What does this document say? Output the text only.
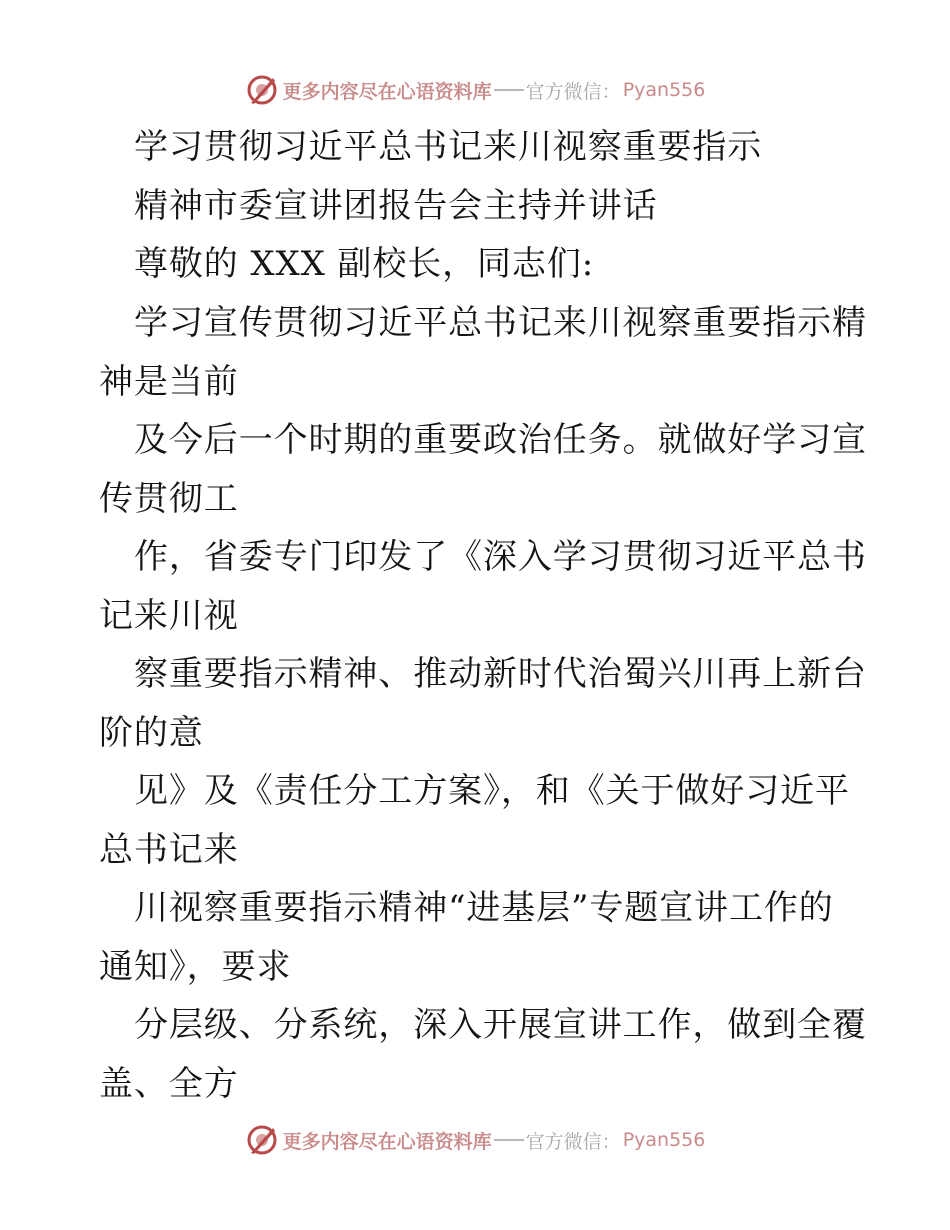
更多内容尽在心语资料库 官方微信： Pyan556

学习贯彻习近平总书记来川视察重要指示

精神市委宣讲团报告会主持并讲话

尊敬的 XXX 副校长，同志们:

学习宣传贯彻习近平总书记来川视察重要指示精

神是当前

及今后一个时期的重要政治任务。就做好学习宣

传贯彻工

作，省委专门印发了《深入学习贯彻习近平总书

记来川视

察重要指示精神、推动新时代治蜀兴川再上新台

阶的意

见》及《责任分工方案》，和《关于做好习近平

总书记来

川视察重要指示精神“进基层”专题宣讲工作的

通知》，要求

分层级、分系统，深入开展宣讲工作，做到全覆

盖、全方

更多内容尽在心语资料库 官方微信： Pyan556
